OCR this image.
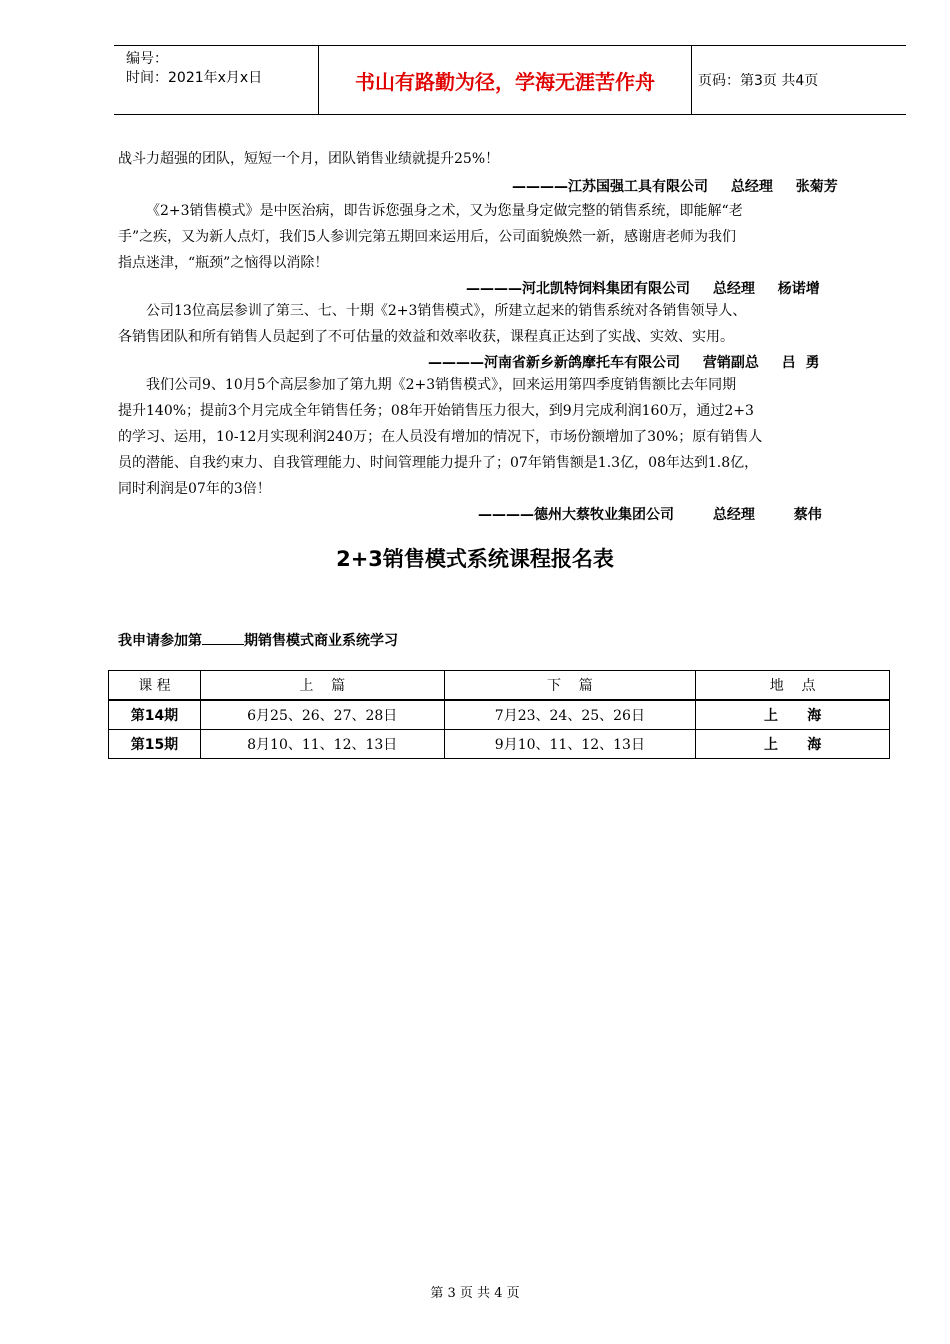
编号：
时间：2021年x月x日	书山有路勤为径，学海无涯苦作舟	页码：第3页 共4页
战斗力超强的团队，短短一个月，团队销售业绩就提升25%！
————江苏国强工具有限公司 总经理 张菊芳
《2+3销售模式》是中医治病，即告诉您强身之术，又为您量身定做完整的销售系统，即能解“老
手”之疾，又为新人点灯，我们5人参训完第五期回来运用后，公司面貌焕然一新，感谢唐老师为我们
指点迷津，“瓶颈”之恼得以消除！
————河北凯特饲料集团有限公司 总经理 杨诺增
公司13位高层参训了第三、七、十期《2+3销售模式》，所建立起来的销售系统对各销售领导人、
各销售团队和所有销售人员起到了不可估量的效益和效率收获，课程真正达到了实战、实效、实用。
————河南省新乡新鸽摩托车有限公司 营销副总 吕  勇
我们公司9、10月5个高层参加了第九期《2+3销售模式》，回来运用第四季度销售额比去年同期
提升140%；提前3个月完成全年销售任务；08年开始销售压力很大，到9月完成利润160万，通过2+3
的学习、运用，10-12月实现利润240万；在人员没有增加的情况下，市场份额增加了30%；原有销售人
员的潜能、自我约束力、自我管理能力、时间管理能力提升了；07年销售额是1.3亿，08年达到1.8亿，
同时利润是07年的3倍！
————德州大蔡牧业集团公司	总经理	蔡伟
2+3销售模式系统课程报名表
我申请参加第	期销售模式商业系统学习
课 程	上    篇	下    篇	地    点
第14期	6月25、26、27、28日	7月23、24、25、26日	上      海
第15期	8月10、11、12、13日	9月10、11、12、13日	上      海
第 3 页 共 4 页
